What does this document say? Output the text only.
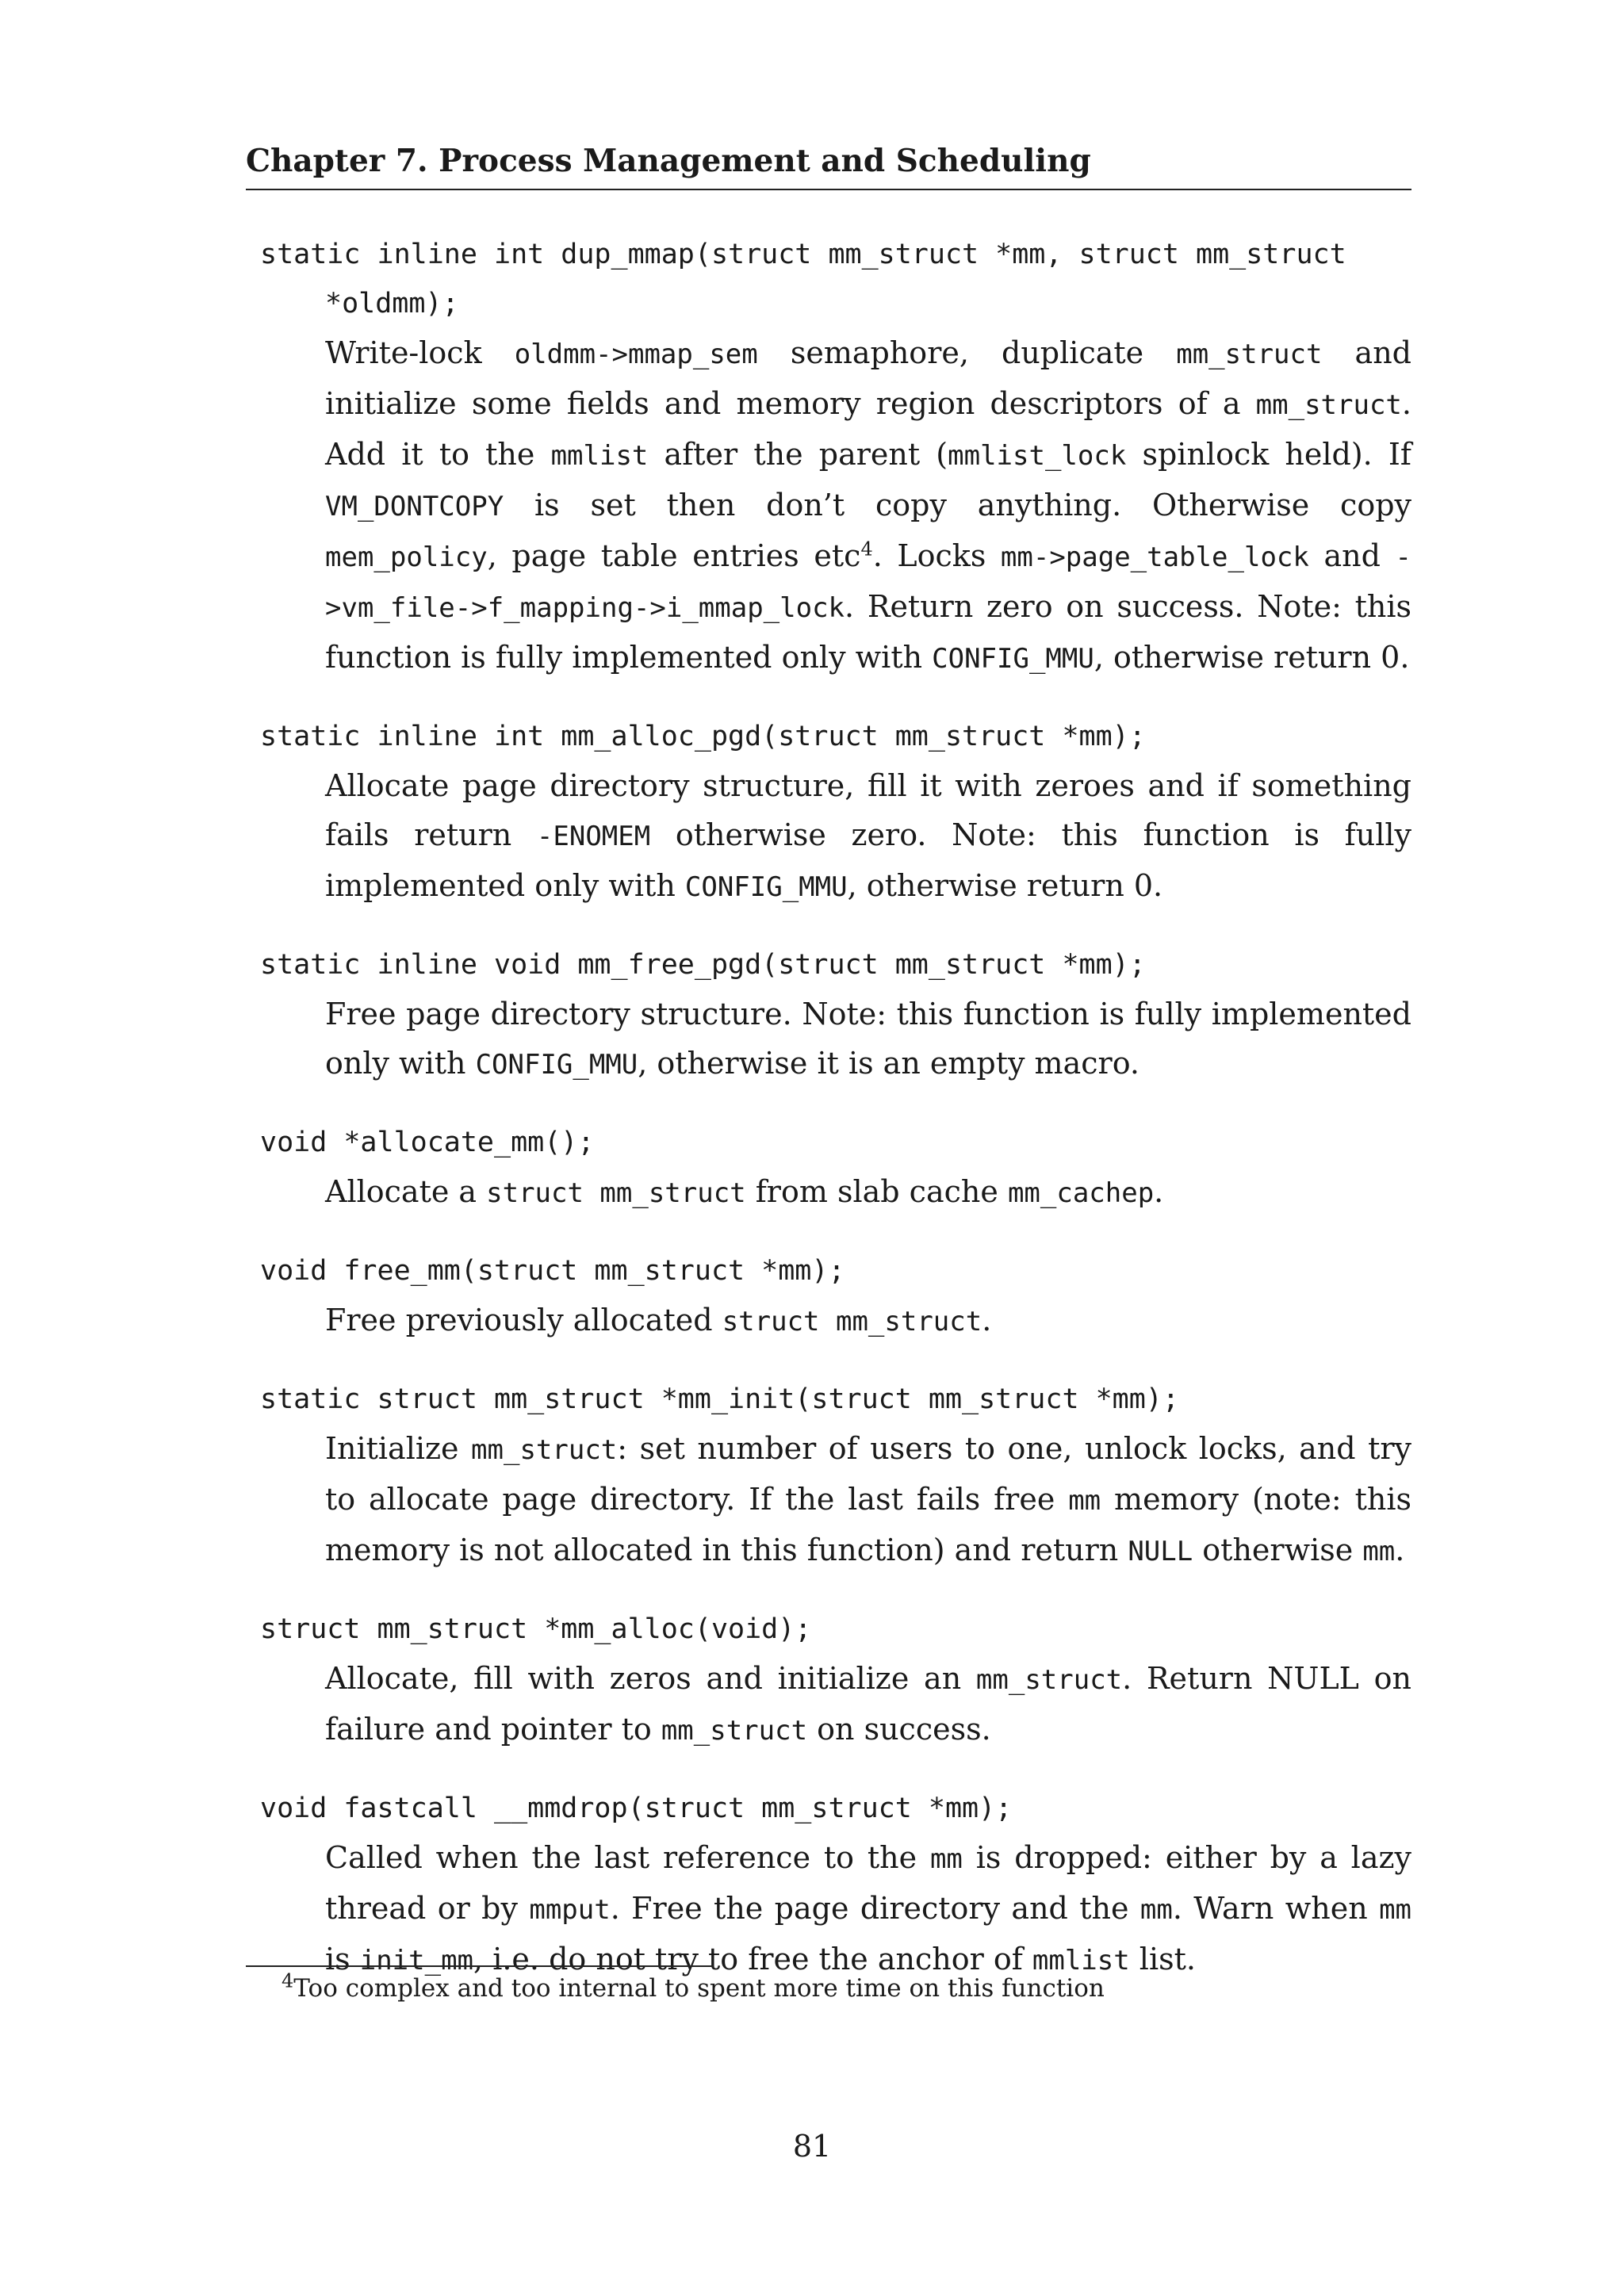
Chapter 7. Process Management and Scheduling
static inline int dup_mmap(struct mm_struct *mm, struct mm_struct *oldmm);
Write-lock oldmm->mmap_sem semaphore, duplicate mm_struct and initialize some fields and memory region descriptors of a mm_struct. Add it to the mmlist after the parent (mmlist_lock spinlock held). If VM_DONTCOPY is set then don’t copy anything. Otherwise copy mem_policy, page table entries etc$^4$. Locks mm->page_table_lock and ->vm_file->f_mapping->i_mmap_lock. Return zero on success. Note: this function is fully implemented only with CONFIG_MMU, otherwise return 0.
static inline int mm_alloc_pgd(struct mm_struct *mm);
Allocate page directory structure, fill it with zeroes and if something fails return -ENOMEM otherwise zero. Note: this function is fully implemented only with CONFIG_MMU, otherwise return 0.
static inline void mm_free_pgd(struct mm_struct *mm);
Free page directory structure. Note: this function is fully implemented only with CONFIG_MMU, otherwise it is an empty macro.
void *allocate_mm();
Allocate a struct mm_struct from slab cache mm_cachep.
void free_mm(struct mm_struct *mm);
Free previously allocated struct mm_struct.
static struct mm_struct *mm_init(struct mm_struct *mm);
Initialize mm_struct: set number of users to one, unlock locks, and try to allocate page directory. If the last fails free mm memory (note: this memory is not allocated in this function) and return NULL otherwise mm.
struct mm_struct *mm_alloc(void);
Allocate, fill with zeros and initialize an mm_struct. Return NULL on failure and pointer to mm_struct on success.
void fastcall __mmdrop(struct mm_struct *mm);
Called when the last reference to the mm is dropped: either by a lazy thread or by mmput. Free the page directory and the mm. Warn when mm is init_mm, i.e. do not try to free the anchor of mmlist list.
$^4$Too complex and too internal to spent more time on this function
81
